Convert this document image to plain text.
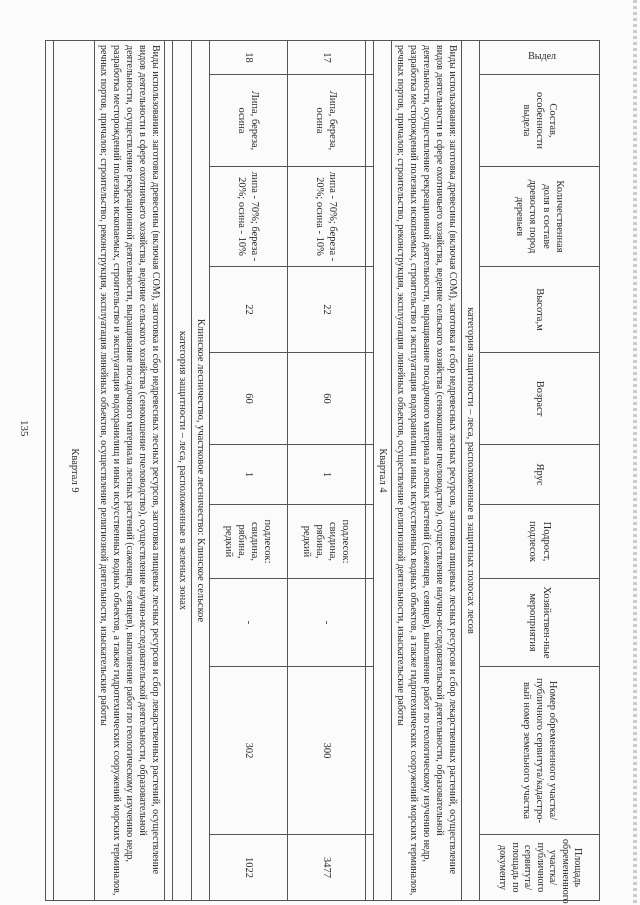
135
Выдел	Состав, особенности выдела	Количественная доля в составе древостоя пород деревьев	Высота,м	Возраст	Ярус	Подрост, подлесок	Хозяйствен-ные мероприятия	Номер обремененного участка/ публичного сервитута/кадастро-вый номер земельного участка	Площадь обремененного участка/ публичного сервитута/ площадь по документу
категория защитности – леса, расположенные в защитных полосах лесов									
Виды использования: заготовка древесины (включая СОМ), заготовка и сбор недревесных лесных ресурсов, заготовка пищевых лесных ресурсов и сбор лекарственных растений, осуществление видов деятельности в сфере охотничьего хозяйства, ведение сельского хозяйства (сенокошение пчеловодство), осуществление научно-исследовательской деятельности, образовательной деятельности, осуществление рекреационной деятельности, выращивание посадочного материала лесных растений (саженцев, сеянцев), выполнение работ по геологическому изучению недр, разработка месторождений полезных ископаемых, строительство и эксплуатация водохранилищ и иных искусственных водных объектов, а также гидротехнических сооружений морских терминалов, речных портов, причалов; строительство, реконструкция, эксплуатация линейных объектов, осуществление религиозной деятельности, изыскательские работы									
Квартал 4									

17	Липа, береза, осина	липа - 70%; береза - 20%; осина - 10%	22	60	1	подлесок: свидина, рябина, редкий	-	300	3477
18	Липа, береза, осина	липа - 70%; береза - 20%; осина - 10%	22	60	1	подлесок: свидина, рябина, редкий	-	302	1022
Клинское лесничество, участковое лесничество: Клинское сельское									
категория защитности – леса, расположенные в зеленых зонах									

Виды использования: заготовка древесины (включая СОМ), заготовка и сбор недревесных лесных ресурсов, заготовка пищевых лесных ресурсов и сбор лекарственных растений, осуществление видов деятельности в сфере охотничьего хозяйства, ведение сельского хозяйства (сенокошение пчеловодство), осуществление научно-исследовательской деятельности, образовательной деятельности, осуществление рекреационной деятельности, выращивание посадочного материала лесных растений (саженцев, сеянцев), выполнение работ по геологическому изучению недр, разработка месторождений полезных ископаемых, строительство и эксплуатация водохранилищ и иных искусственных водных объектов, а также гидротехнических сооружений морских терминалов, речных портов, причалов; строительство, реконструкция, эксплуатация линейных объектов, осуществление религиозной деятельности, изыскательские работы									
Квартал 9									
